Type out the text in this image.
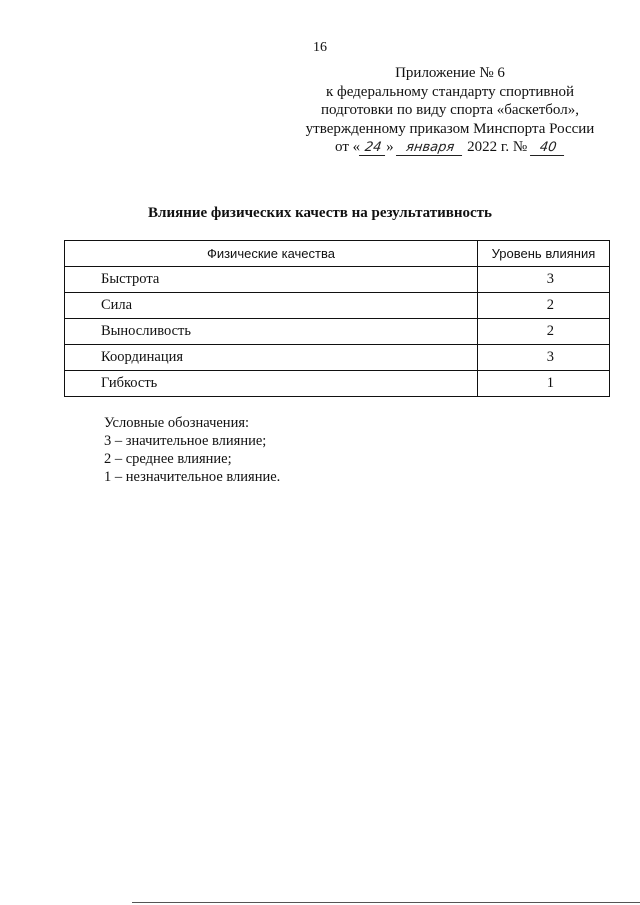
16
Приложение № 6
к федеральному стандарту спортивной
подготовки по виду спорта «баскетбол»,
утвержденному приказом Минспорта России
от « 24 » января 2022 г. № 40
Влияние физических качеств на результативность
Физические качества	Уровень влияния
Быстрота	3
Сила	2
Выносливость	2
Координация	3
Гибкость	1
Условные обозначения:
3 – значительное влияние;
2 – среднее влияние;
1 – незначительное влияние.
